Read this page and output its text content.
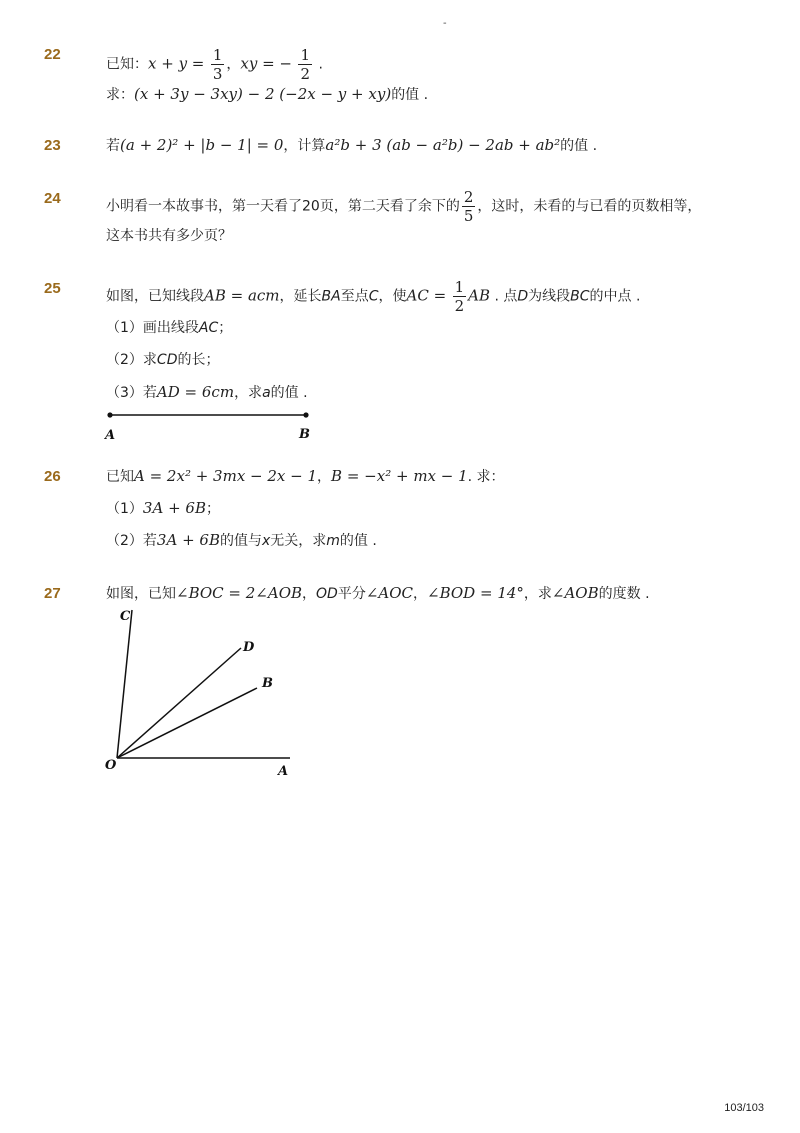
-
22
已知：$x + y = \frac{1}{3}$ ，xy = − $\frac{1}{2}$ .
求：(x + 3y − 3xy) − 2 (−2x − y + xy)的值 .
23	若(a + 2)² + |b − 1| = 0，计算a²b + 3 (ab − a²b) − 2ab + ab²的值 .
24	小明看一本故事书，第一天看了20页，第二天看了余下的 $\frac{2}{5}$ ，这时，未看的与已看的页数相等，
这本书共有多少页？
25	如图，已知线段AB = acm，延长BA至点C，使AC = $\frac{1}{2}$ AB . 点D为线段BC的中点 .
（1）画出线段AC；
（2）求CD的长；
（3）若AD = 6cm，求a的值 .
A	B
26	已知A = 2x² + 3mx − 2x − 1，B = −x² + mx − 1. 求：
（1）3A + 6B；
（2）若3A + 6B的值与x无关，求m的值 .
27	如图，已知∠BOC = 2∠AOB，OD平分∠AOC，∠BOD = 14°，求∠AOB的度数 .
C
D
B
O	A
103/103
